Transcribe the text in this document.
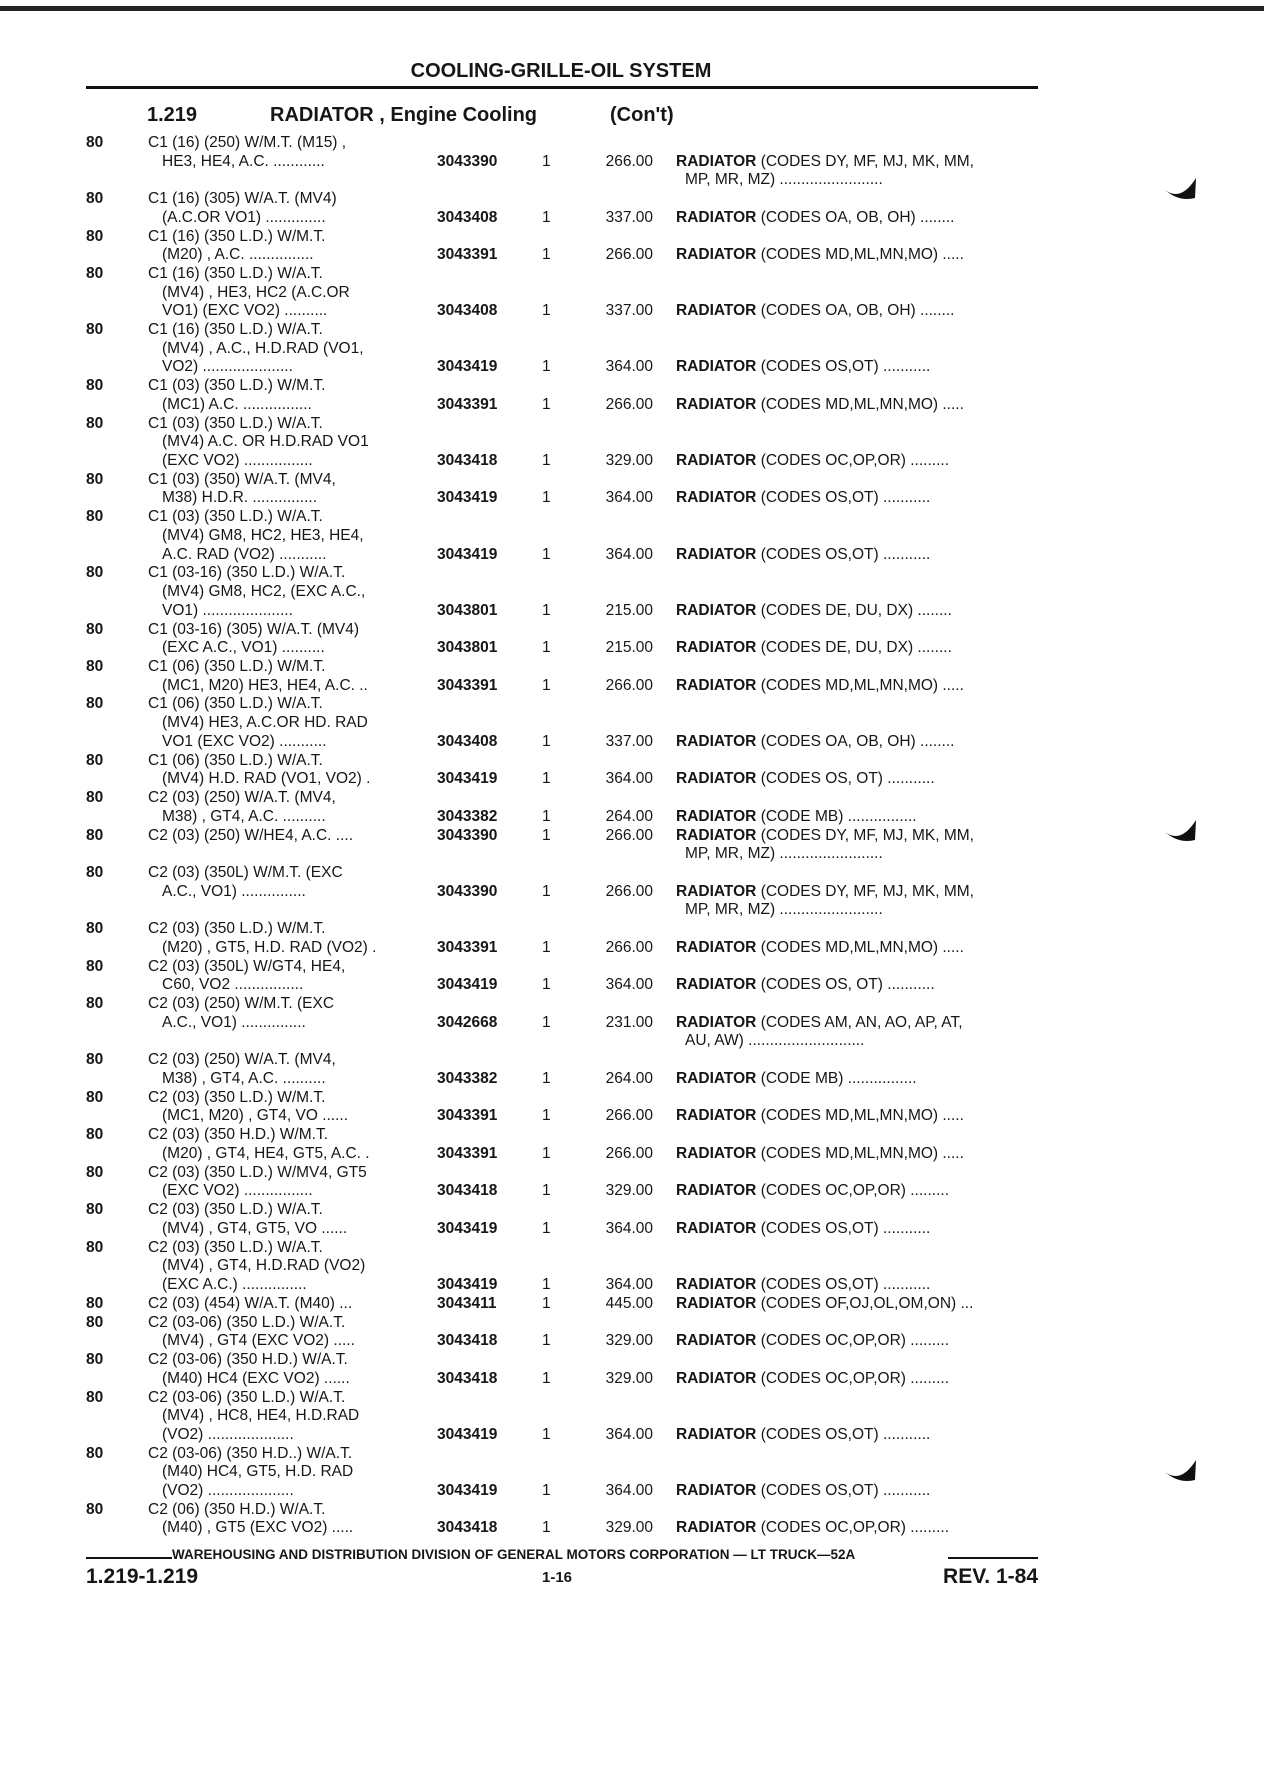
COOLING-GRILLE-OIL SYSTEM
1.219	RADIATOR , Engine Cooling	(Con't)
80	C1 (16) (250) W/M.T. (M15) ,
HE3, HE4, A.C. ............	3043390	1	266.00 RADIATOR (CODES DY, MF, MJ, MK, MM,
MP, MR, MZ) ........................
80	C1 (16) (305) W/A.T. (MV4)
(A.C.OR VO1) ..............	3043408	1	337.00 RADIATOR (CODES OA, OB, OH) ........
80	C1 (16) (350 L.D.) W/M.T.
(M20) , A.C. ...............	3043391	1	266.00 RADIATOR (CODES MD,ML,MN,MO) .....
80	C1 (16) (350 L.D.) W/A.T.
(MV4) , HE3, HC2 (A.C.OR
VO1) (EXC VO2) ..........	3043408	1	337.00 RADIATOR (CODES OA, OB, OH) ........
80	C1 (16) (350 L.D.) W/A.T.
(MV4) , A.C., H.D.RAD (VO1,
VO2) .....................	3043419	1	364.00 RADIATOR (CODES OS,OT) ...........
80	C1 (03) (350 L.D.) W/M.T.
(MC1) A.C. ................	3043391	1	266.00 RADIATOR (CODES MD,ML,MN,MO) .....
80	C1 (03) (350 L.D.) W/A.T.
(MV4) A.C. OR H.D.RAD VO1
(EXC VO2) ................	3043418	1	329.00 RADIATOR (CODES OC,OP,OR) .........
80	C1 (03) (350) W/A.T. (MV4,
M38) H.D.R. ...............	3043419	1	364.00 RADIATOR (CODES OS,OT) ...........
80	C1 (03) (350 L.D.) W/A.T.
(MV4) GM8, HC2, HE3, HE4,
A.C. RAD (VO2) ...........	3043419	1	364.00 RADIATOR (CODES OS,OT) ...........
80	C1 (03-16) (350 L.D.) W/A.T.
(MV4) GM8, HC2, (EXC A.C.,
VO1) .....................	3043801	1	215.00 RADIATOR (CODES DE, DU, DX) ........
80	C1 (03-16) (305) W/A.T. (MV4)
(EXC A.C., VO1) ..........	3043801	1	215.00 RADIATOR (CODES DE, DU, DX) ........
80	C1 (06) (350 L.D.) W/M.T.
(MC1, M20) HE3, HE4, A.C. ..	3043391	1	266.00 RADIATOR (CODES MD,ML,MN,MO) .....
80	C1 (06) (350 L.D.) W/A.T.
(MV4) HE3, A.C.OR HD. RAD
VO1 (EXC VO2) ...........	3043408	1	337.00 RADIATOR (CODES OA, OB, OH) ........
80	C1 (06) (350 L.D.) W/A.T.
(MV4) H.D. RAD (VO1, VO2) .	3043419	1	364.00 RADIATOR (CODES OS, OT) ...........
80	C2 (03) (250) W/A.T. (MV4,
M38) , GT4, A.C. ..........	3043382	1	264.00 RADIATOR (CODE MB) ................
80	C2 (03) (250) W/HE4, A.C. ....	3043390	1	266.00 RADIATOR (CODES DY, MF, MJ, MK, MM,
MP, MR, MZ) ........................
80	C2 (03) (350L) W/M.T. (EXC
A.C., VO1) ...............	3043390	1	266.00 RADIATOR (CODES DY, MF, MJ, MK, MM,
MP, MR, MZ) ........................
80	C2 (03) (350 L.D.) W/M.T.
(M20) , GT5, H.D. RAD (VO2) .	3043391	1	266.00 RADIATOR (CODES MD,ML,MN,MO) .....
80	C2 (03) (350L) W/GT4, HE4,
C60, VO2 ................	3043419	1	364.00 RADIATOR (CODES OS, OT) ...........
80	C2 (03) (250) W/M.T. (EXC
A.C., VO1) ...............	3042668	1	231.00 RADIATOR (CODES AM, AN, AO, AP, AT,
AU, AW) ...........................
80	C2 (03) (250) W/A.T. (MV4,
M38) , GT4, A.C. ..........	3043382	1	264.00 RADIATOR (CODE MB) ................
80	C2 (03) (350 L.D.) W/M.T.
(MC1, M20) , GT4, VO ......	3043391	1	266.00 RADIATOR (CODES MD,ML,MN,MO) .....
80	C2 (03) (350 H.D.) W/M.T.
(M20) , GT4, HE4, GT5, A.C. .	3043391	1	266.00 RADIATOR (CODES MD,ML,MN,MO) .....
80	C2 (03) (350 L.D.) W/MV4, GT5
(EXC VO2) ................	3043418	1	329.00 RADIATOR (CODES OC,OP,OR) .........
80	C2 (03) (350 L.D.) W/A.T.
(MV4) , GT4, GT5, VO ......	3043419	1	364.00 RADIATOR (CODES OS,OT) ...........
80	C2 (03) (350 L.D.) W/A.T.
(MV4) , GT4, H.D.RAD (VO2)
(EXC A.C.) ...............	3043419	1	364.00 RADIATOR (CODES OS,OT) ...........
80	C2 (03) (454) W/A.T. (M40) ...	3043411	1	445.00 RADIATOR (CODES OF,OJ,OL,OM,ON) ...
80	C2 (03-06) (350 L.D.) W/A.T.
(MV4) , GT4 (EXC VO2) .....	3043418	1	329.00 RADIATOR (CODES OC,OP,OR) .........
80	C2 (03-06) (350 H.D.) W/A.T.
(M40) HC4 (EXC VO2) ......	3043418	1	329.00 RADIATOR (CODES OC,OP,OR) .........
80	C2 (03-06) (350 L.D.) W/A.T.
(MV4) , HC8, HE4, H.D.RAD
(VO2) ....................	3043419	1	364.00 RADIATOR (CODES OS,OT) ...........
80	C2 (03-06) (350 H.D..) W/A.T.
(M40) HC4, GT5, H.D. RAD
(VO2) ....................	3043419	1	364.00 RADIATOR (CODES OS,OT) ...........
80	C2 (06) (350 H.D.) W/A.T.
(M40) , GT5 (EXC VO2) .....	3043418	1	329.00 RADIATOR (CODES OC,OP,OR) .........
WAREHOUSING AND DISTRIBUTION DIVISION OF GENERAL MOTORS CORPORATION — LT TRUCK—52A
1.219-1.219	1-16	REV. 1-84
